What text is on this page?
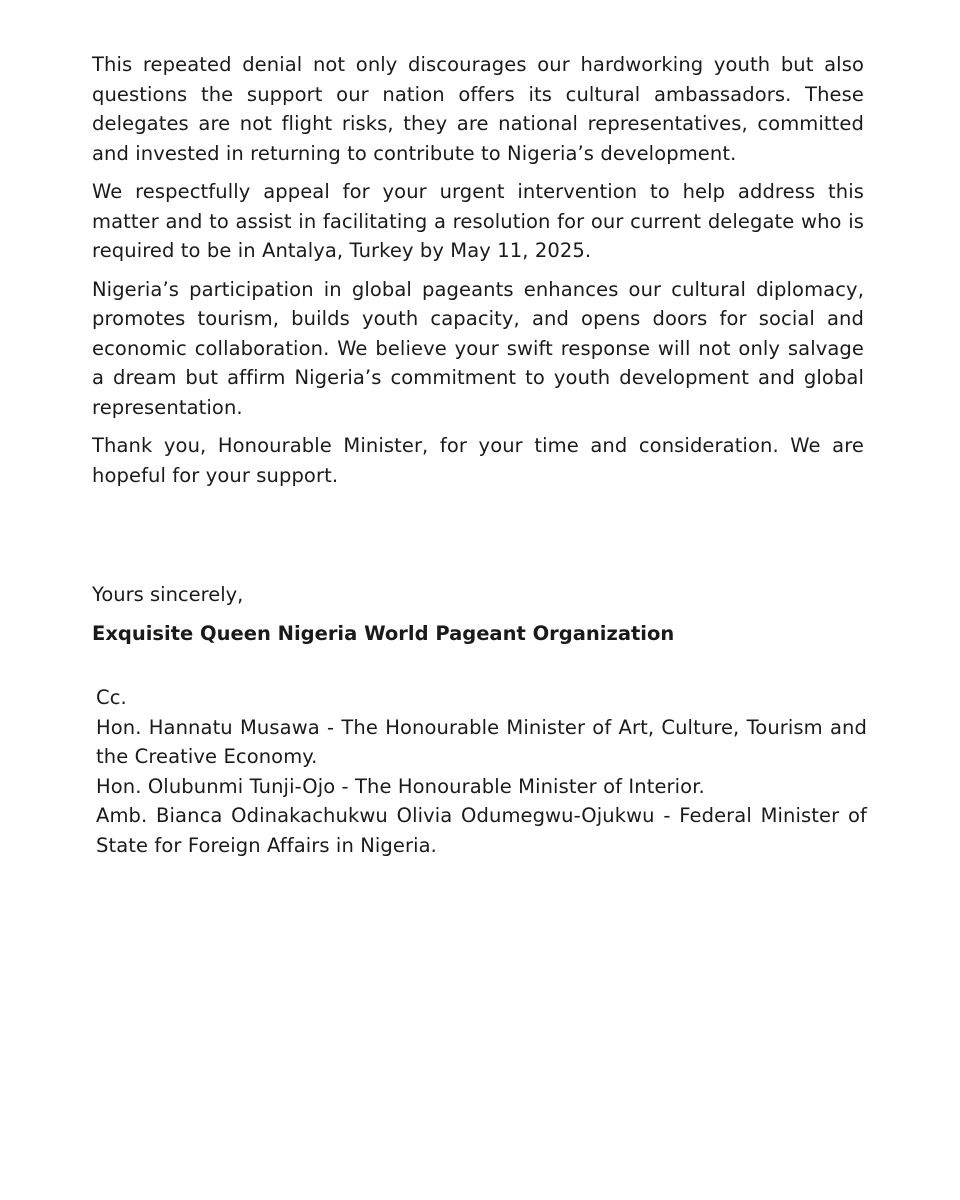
This repeated denial not only discourages our hardworking youth but also questions the support our nation offers its cultural ambassadors. These delegates are not flight risks, they are national representatives, committed and invested in returning to contribute to Nigeria’s development.

We respectfully appeal for your urgent intervention to help address this matter and to assist in facilitating a resolution for our current delegate who is required to be in Antalya, Turkey by May 11, 2025.

Nigeria’s participation in global pageants enhances our cultural diplomacy, promotes tourism, builds youth capacity, and opens doors for social and economic collaboration. We believe your swift response will not only salvage a dream but affirm Nigeria’s commitment to youth development and global representation.

Thank you, Honourable Minister, for your time and consideration. We are hopeful for your support.

Yours sincerely,

Exquisite Queen Nigeria World Pageant Organization

Cc.

Hon. Hannatu Musawa - The Honourable Minister of Art, Culture, Tourism and the Creative Economy.

Hon. Olubunmi Tunji-Ojo - The Honourable Minister of Interior.

Amb. Bianca Odinakachukwu Olivia Odumegwu-Ojukwu - Federal Minister of State for Foreign Affairs in Nigeria.
